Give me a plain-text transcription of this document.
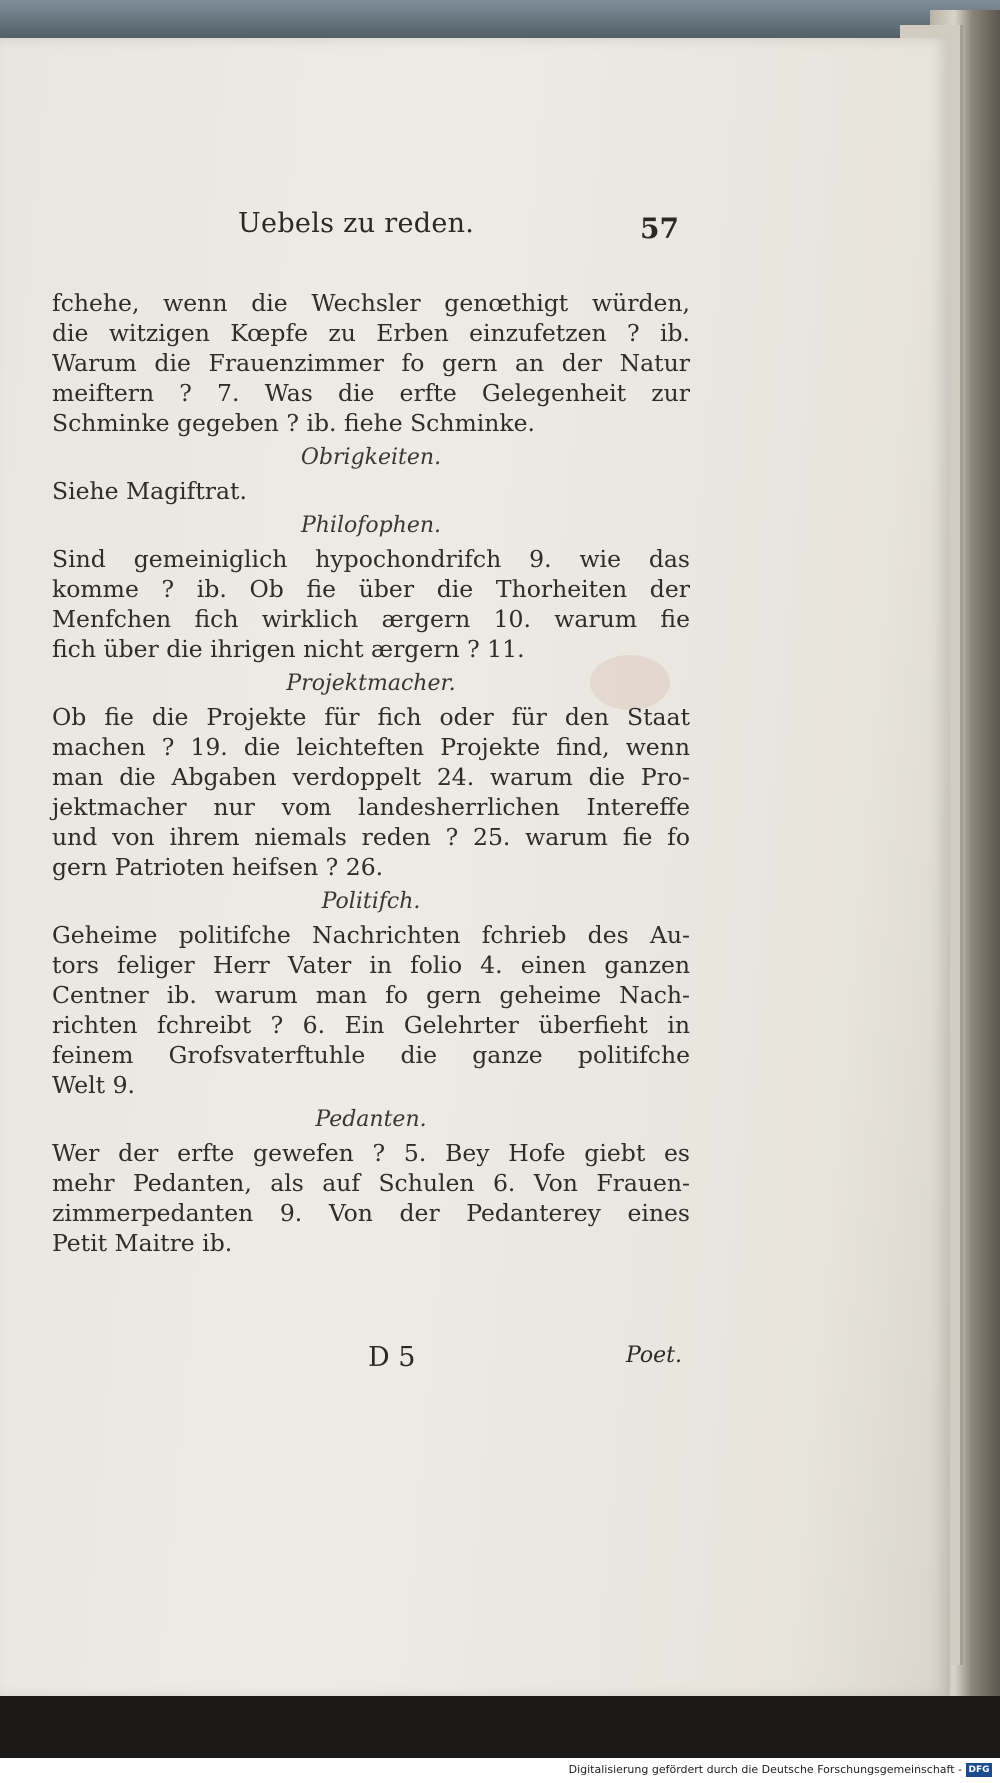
Uebels zu reden.	57
fchehe, wenn die Wechsler genœthigt würden,
die witzigen Kœpfe zu Erben einzufetzen ? ib.
Warum die Frauenzimmer fo gern an der Natur
meiftern ? 7. Was die erfte Gelegenheit zur
Schminke gegeben ? ib. fiehe Schminke.
Obrigkeiten.
Siehe Magiftrat.
Philofophen.
Sind gemeiniglich hypochondrifch 9. wie das
komme ? ib. Ob fie über die Thorheiten der
Menfchen fich wirklich ærgern 10. warum fie
fich über die ihrigen nicht ærgern ? 11.
Projektmacher.
Ob fie die Projekte für fich oder für den Staat
machen ? 19. die leichteften Projekte find, wenn
man die Abgaben verdoppelt 24. warum die Pro-
jektmacher nur vom landesherrlichen Intereffe
und von ihrem niemals reden ? 25. warum fie fo
gern Patrioten heifsen ? 26.
Politifch.
Geheime politifche Nachrichten fchrieb des Au-
tors feliger Herr Vater in folio 4. einen ganzen
Centner ib. warum man fo gern geheime Nach-
richten fchreibt ? 6. Ein Gelehrter überfieht in
feinem Grofsvaterftuhle die ganze politifche
Welt 9.
Pedanten.
Wer der erfte gewefen ? 5. Bey Hofe giebt es
mehr Pedanten, als auf Schulen 6. Von Frauen-
zimmerpedanten 9. Von der Pedanterey eines
Petit Maitre ib.
D 5	Poet.
Digitalisierung gefördert durch die Deutsche Forschungsgemeinschaft - DFG
